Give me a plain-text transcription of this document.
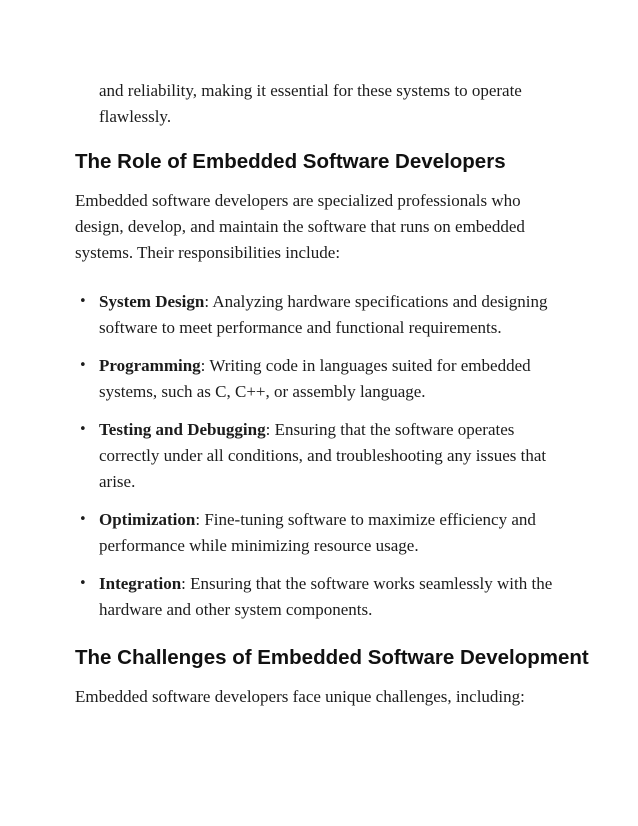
and reliability, making it essential for these systems to operate flawlessly.

The Role of Embedded Software Developers

Embedded software developers are specialized professionals who design, develop, and maintain the software that runs on embedded systems. Their responsibilities include:

• System Design: Analyzing hardware specifications and designing software to meet performance and functional requirements.
• Programming: Writing code in languages suited for embedded systems, such as C, C++, or assembly language.
• Testing and Debugging: Ensuring that the software operates correctly under all conditions, and troubleshooting any issues that arise.
• Optimization: Fine-tuning software to maximize efficiency and performance while minimizing resource usage.
• Integration: Ensuring that the software works seamlessly with the hardware and other system components.
The Challenges of Embedded Software Development

Embedded software developers face unique challenges, including:
